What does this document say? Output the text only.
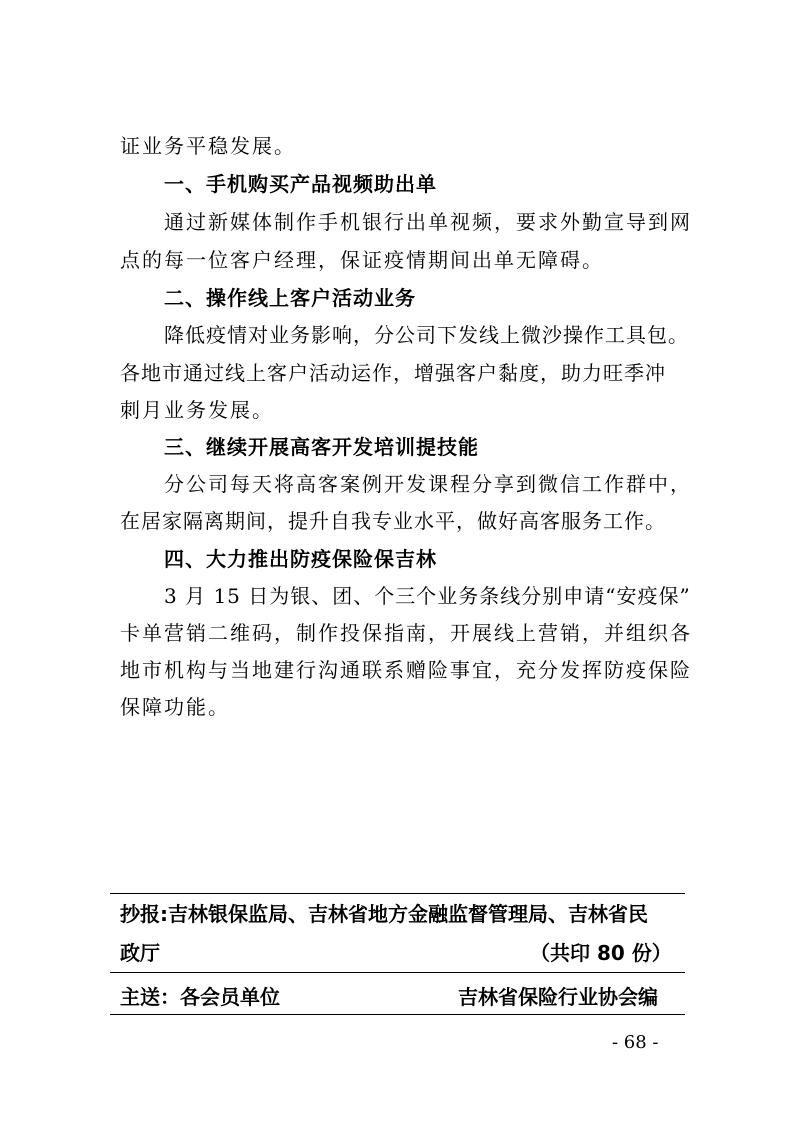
证业务平稳发展。
一、手机购买产品视频助出单
通过新媒体制作手机银行出单视频，要求外勤宣导到网
点的每一位客户经理，保证疫情期间出单无障碍。
二、操作线上客户活动业务
降低疫情对业务影响，分公司下发线上微沙操作工具包。
各地市通过线上客户活动运作，增强客户黏度，助力旺季冲
刺月业务发展。
三、继续开展高客开发培训提技能
分公司每天将高客案例开发课程分享到微信工作群中，
在居家隔离期间，提升自我专业水平，做好高客服务工作。
四、大力推出防疫保险保吉林
3 月 15 日为银、团、个三个业务条线分别申请“安疫保”
卡单营销二维码，制作投保指南，开展线上营销，并组织各
地市机构与当地建行沟通联系赠险事宜，充分发挥防疫保险
保障功能。
抄报:吉林银保监局、吉林省地方金融监督管理局、吉林省民
政厅	（共印 80 份）
主送：各会员单位	吉林省保险行业协会编
- 68 -
